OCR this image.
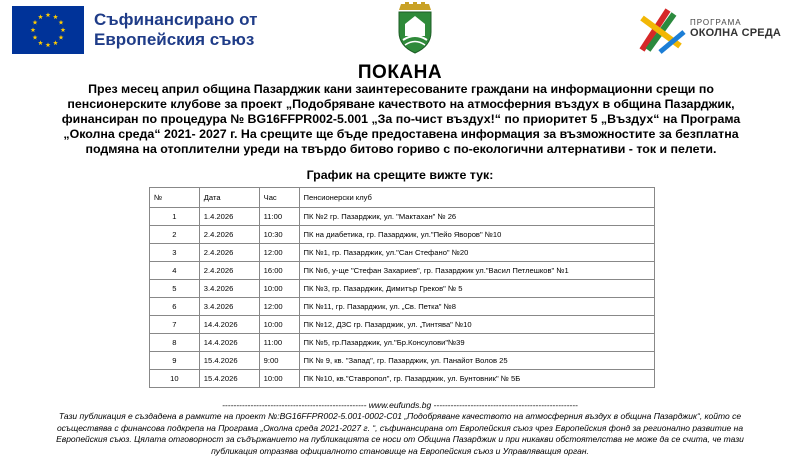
Съфинансирано от
Европейския съюз
ПРОГРАМА
ОКОЛНА СРЕДА
ПОКАНА
През месец април община Пазарджик кани заинтересованите граждани на информационни срещи по пенсионерските клубове за проект „Подобряване качеството на атмосферния въздух в община Пазарджик, финансиран по процедура № BG16FFPR002-5.001 „За по-чист въздух!“ по приоритет 5 „Въздух“ на Програма „Околна среда“ 2021- 2027 г. На срещите ще бъде предоставена информация за възможностите за безплатна подмяна на отоплителни уреди на твърдо битово гориво с по-екологични алтернативи - ток и пелети.
График на срещите вижте тук:
№	Дата	Час	Пенсионерски клуб
1	1.4.2026	11:00	ПК №2 гр. Пазарджик, ул. "Мактахан" № 26
2	2.4.2026	10:30	ПК на диабетика, гр. Пазарджик, ул."Пейо Яворов" №10
3	2.4.2026	12:00	ПК №1, гр. Пазарджик, ул."Сан Стефано" №20
4	2.4.2026	16:00	ПК №6, у-ще "Стефан Захариев", гр. Пазарджик ул."Васил Петлешков" №1
5	3.4.2026	10:00	ПК №3, гр. Пазарджик, Димитър Греков" № 5
6	3.4.2026	12:00	ПК №11, гр. Пазарджик, ул. „Св. Петка" №8
7	14.4.2026	10:00	ПК №12, ДЗС гр. Пазарджик, ул. „Тинтява" №10
8	14.4.2026	11:00	ПК №5, гр.Пазарджик, ул."Бр.Консулови"№39
9	15.4.2026	9:00	ПК № 9, кв. "Запад", гр. Пазарджик, ул. Панайот Волов 25
10	15.4.2026	10:00	ПК №10, кв."Ставропол", гр. Пазарджик, ул. Бунтовник" № 5Б
--------------------------------------------------- www.eufunds.bg ---------------------------------------------------
Тази публикация е създадена в рамките на проект №:BG16FFPR002-5.001-0002-C01 „Подобряване качеството на атмосферния въздух в община Пазарджик“, който се осъществява с финансова подкрепа на Програма „Околна среда 2021-2027 г. “, съфинансирана от Европейския съюз чрез Европейския фонд за регионално развитие на Европейския съюз. Цялата отговорност за съдържанието на публикацията се носи от Община Пазарджик и при никакви обстоятелства не може да се счита, че тази публикация отразява официалното становище на Европейския съюз и Управляващия орган.
